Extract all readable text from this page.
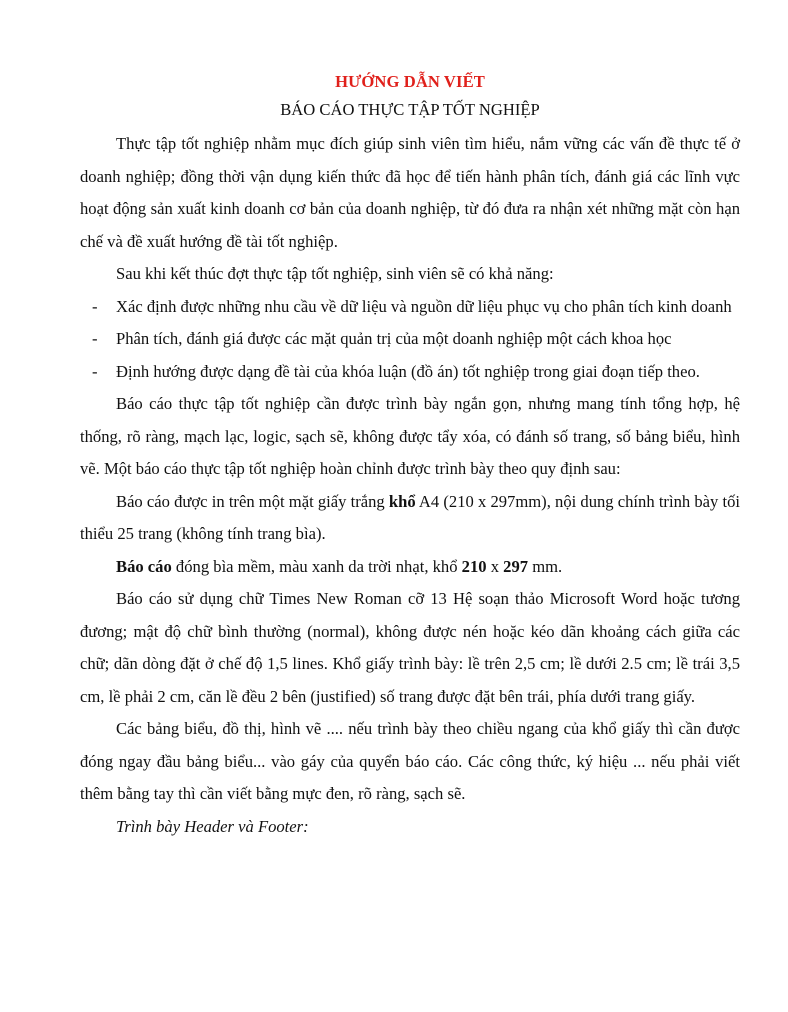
HƯỚNG DẪN VIẾT
BÁO CÁO THỰC TẬP TỐT NGHIỆP

Thực tập tốt nghiệp nhằm mục đích giúp sinh viên tìm hiểu, nắm vững các vấn đề thực tế ở doanh nghiệp; đồng thời vận dụng kiến thức đã học để tiến hành phân tích, đánh giá các lĩnh vực hoạt động sản xuất kinh doanh cơ bản của doanh nghiệp, từ đó đưa ra nhận xét những mặt còn hạn chế và đề xuất hướng đề tài tốt nghiệp.

Sau khi kết thúc đợt thực tập tốt nghiệp, sinh viên sẽ có khả năng:

- Xác định được những nhu cầu về dữ liệu và nguồn dữ liệu phục vụ cho phân tích kinh doanh
- Phân tích, đánh giá được các mặt quản trị của một doanh nghiệp một cách khoa học
- Định hướng được dạng đề tài của khóa luận (đồ án) tốt nghiệp trong giai đoạn tiếp theo.

Báo cáo thực tập tốt nghiệp cần được trình bày ngắn gọn, nhưng mang tính tổng hợp, hệ thống, rõ ràng, mạch lạc, logic, sạch sẽ, không được tẩy xóa, có đánh số trang, số bảng biểu, hình vẽ. Một báo cáo thực tập tốt nghiệp hoàn chỉnh được trình bày theo quy định sau:

Báo cáo được in trên một mặt giấy trắng khổ A4 (210 x 297mm), nội dung chính trình bày tối thiểu 25 trang (không tính trang bìa).

Báo cáo đóng bìa mềm, màu xanh da trời nhạt, khổ 210 x 297 mm.

Báo cáo sử dụng chữ Times New Roman cỡ 13 Hệ soạn thảo Microsoft Word hoặc tương đương; mật độ chữ bình thường (normal), không được nén hoặc kéo dãn khoảng cách giữa các chữ; dãn dòng đặt ở chế độ 1,5 lines. Khổ giấy trình bày: lề trên 2,5 cm; lề dưới 2.5 cm; lề trái 3,5 cm, lề phải 2 cm, căn lề đều 2 bên (justified) số trang được đặt bên trái, phía dưới trang giấy.

Các bảng biểu, đồ thị, hình vẽ .... nếu trình bày theo chiều ngang của khổ giấy thì cần được đóng ngay đầu bảng biểu... vào gáy của quyển báo cáo. Các công thức, ký hiệu ... nếu phải viết thêm bằng tay thì cần viết bằng mực đen, rõ ràng, sạch sẽ.

Trình bày Header và Footer:
